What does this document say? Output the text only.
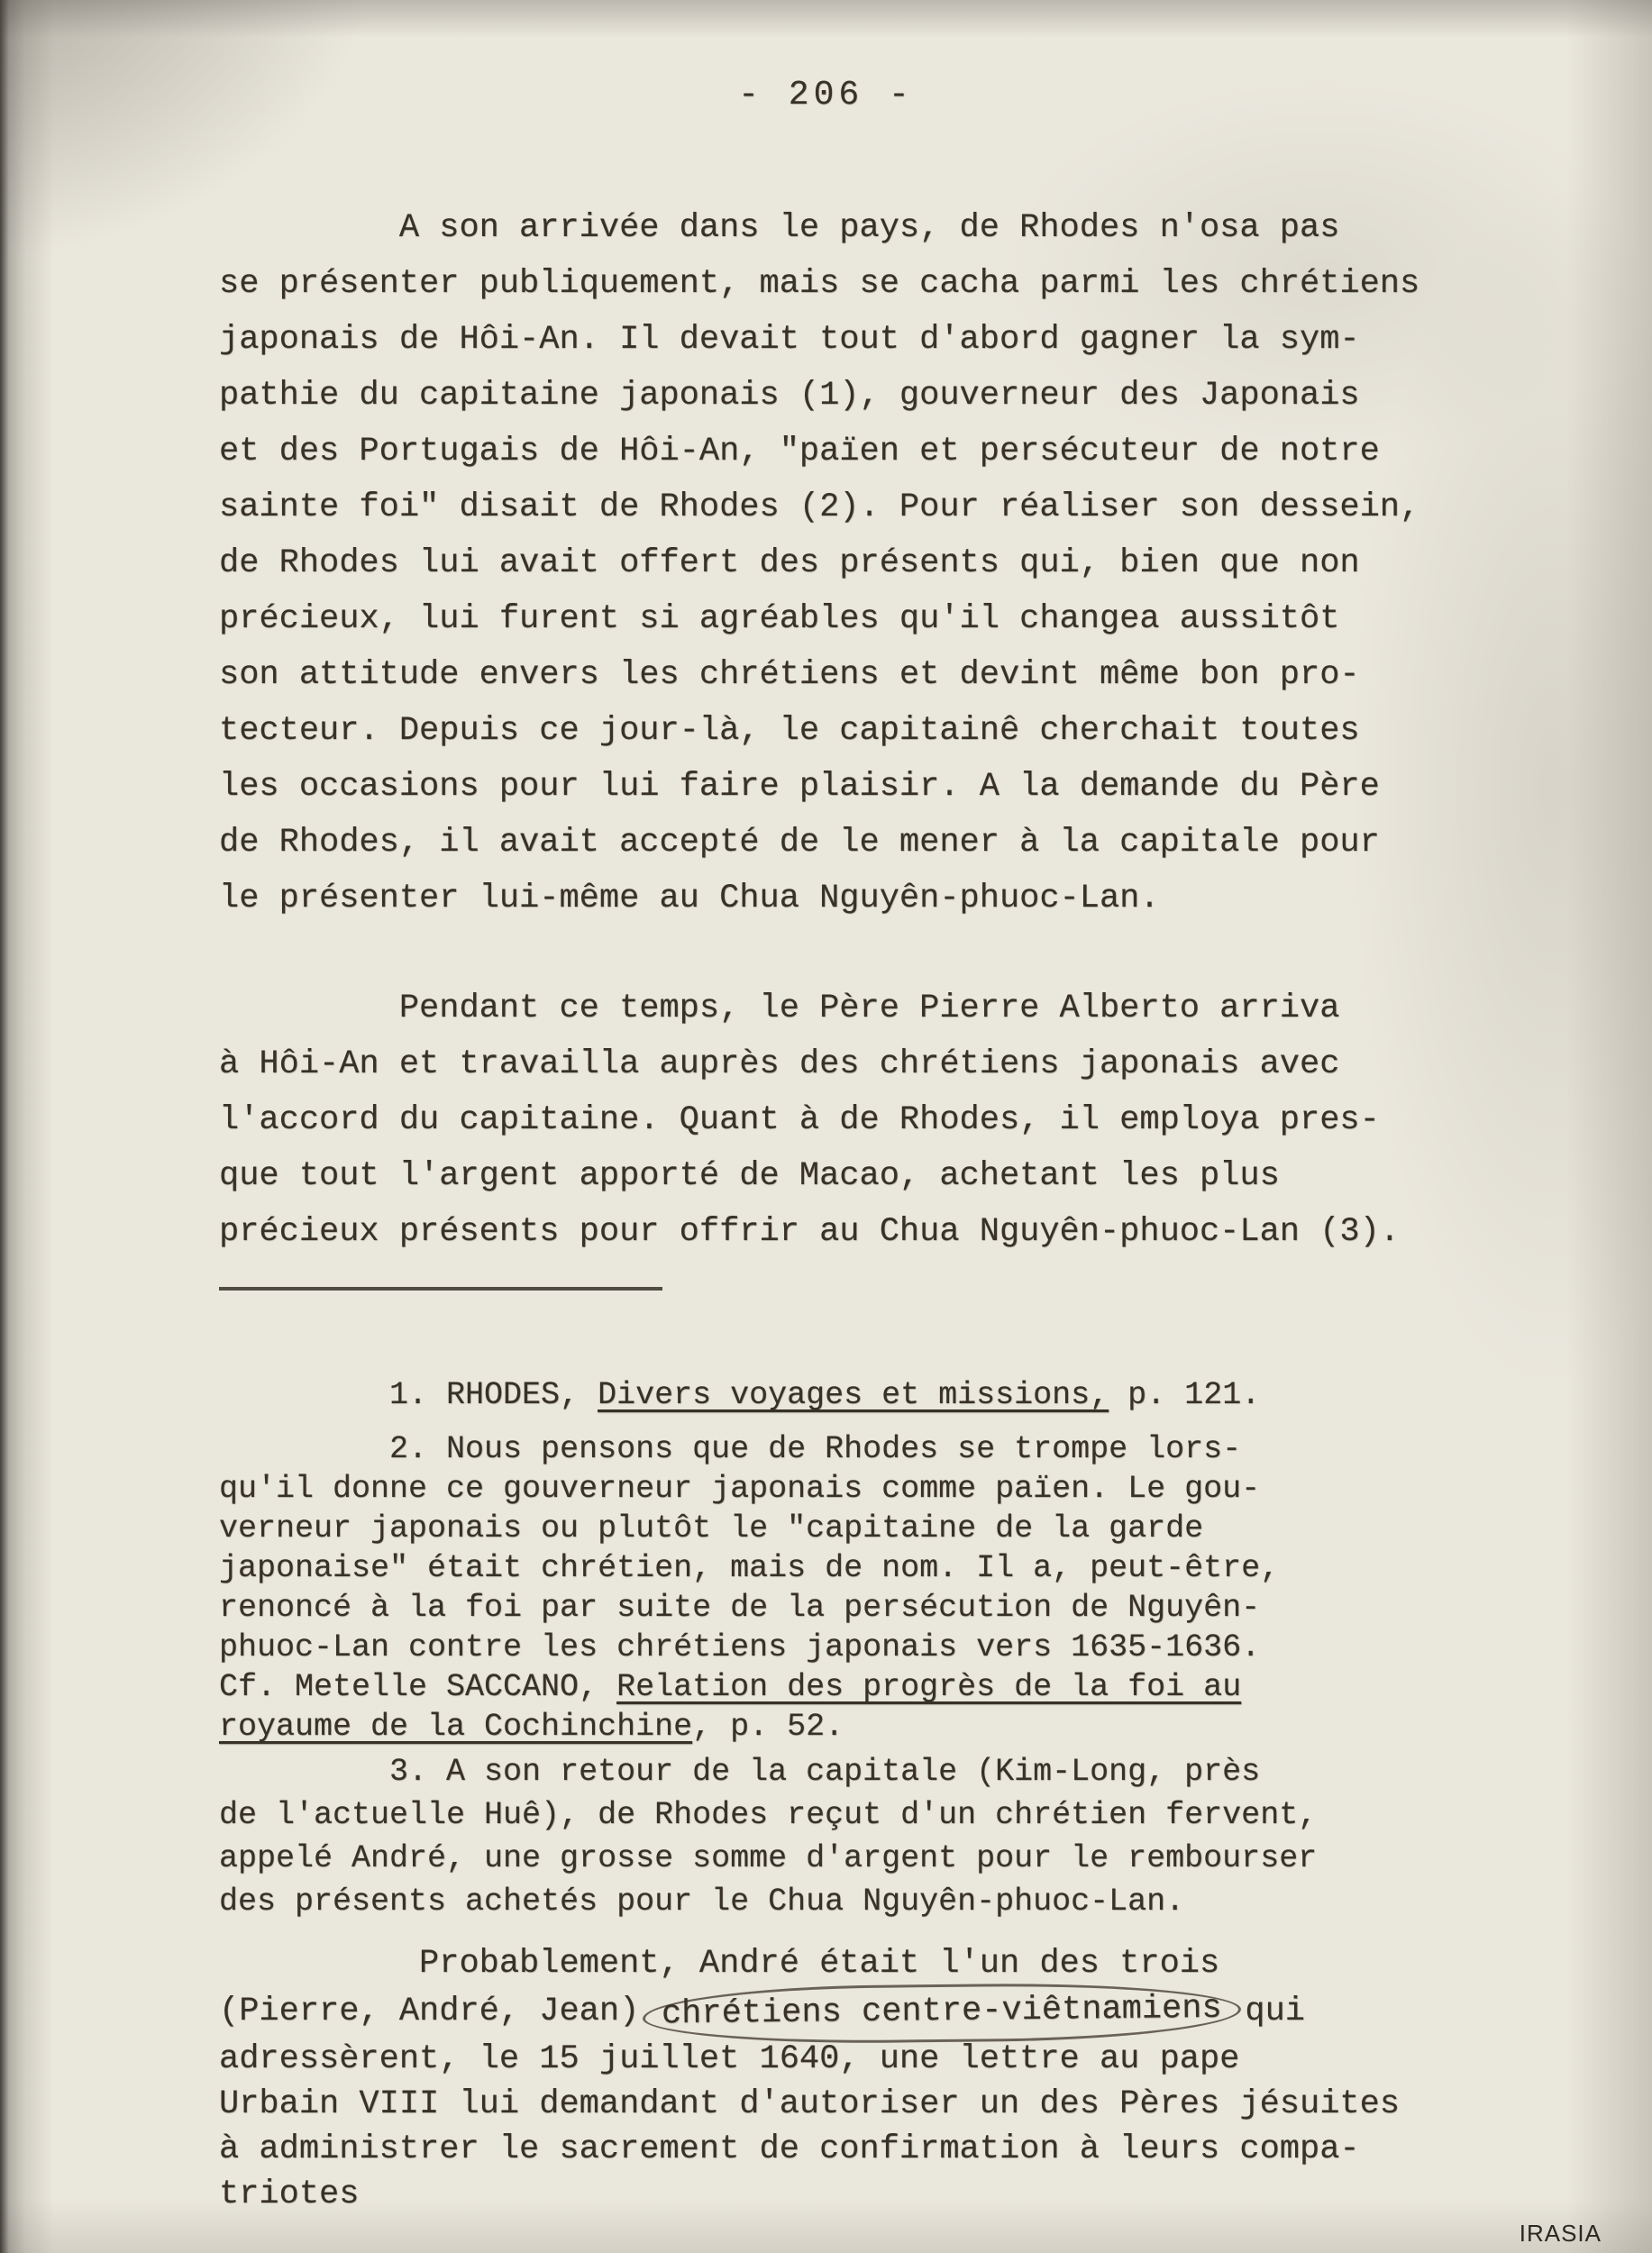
- 206 -
A son arrivée dans le pays, de Rhodes n'osa pas
se présenter publiquement, mais se cacha parmi les chrétiens
japonais de Hôi-An. Il devait tout d'abord gagner la sym-
pathie du capitaine japonais (1), gouverneur des Japonais
et des Portugais de Hôi-An, "païen et persécuteur de notre
sainte foi" disait de Rhodes (2). Pour réaliser son dessein,
de Rhodes lui avait offert des présents qui, bien que non
précieux, lui furent si agréables qu'il changea aussitôt
son attitude envers les chrétiens et devint même bon pro-
tecteur. Depuis ce jour-là, le capitainê cherchait toutes
les occasions pour lui faire plaisir. A la demande du Père
de Rhodes, il avait accepté de le mener à la capitale pour
le présenter lui-même au Chua Nguyên-phuoc-Lan.
Pendant ce temps, le Père Pierre Alberto arriva
à Hôi-An et travailla auprès des chrétiens japonais avec
l'accord du capitaine. Quant à de Rhodes, il employa pres-
que tout l'argent apporté de Macao, achetant les plus
précieux présents pour offrir au Chua Nguyên-phuoc-Lan (3).
1. RHODES, Divers voyages et missions, p. 121.
2. Nous pensons que de Rhodes se trompe lors-
qu'il donne ce gouverneur japonais comme païen. Le gou-
verneur japonais ou plutôt le "capitaine de la garde
japonaise" était chrétien, mais de nom. Il a, peut-être,
renoncé à la foi par suite de la persécution de Nguyên-
phuoc-Lan contre les chrétiens japonais vers 1635-1636.
Cf. Metelle SACCANO, Relation des progrès de la foi au
royaume de la Cochinchine, p. 52.
3. A son retour de la capitale (Kim-Long, près
de l'actuelle Huê), de Rhodes reçut d'un chrétien fervent,
appelé André, une grosse somme d'argent pour le rembourser
des présents achetés pour le Chua Nguyên-phuoc-Lan.
Probablement, André était l'un des trois
(Pierre, André, Jean) chrétiens centre-viêtnamiens qui
adressèrent, le 15 juillet 1640, une lettre au pape
Urbain VIII lui demandant d'autoriser un des Pères jésuites
à administrer le sacrement de confirmation à leurs compa-
triotes
IRASIA
